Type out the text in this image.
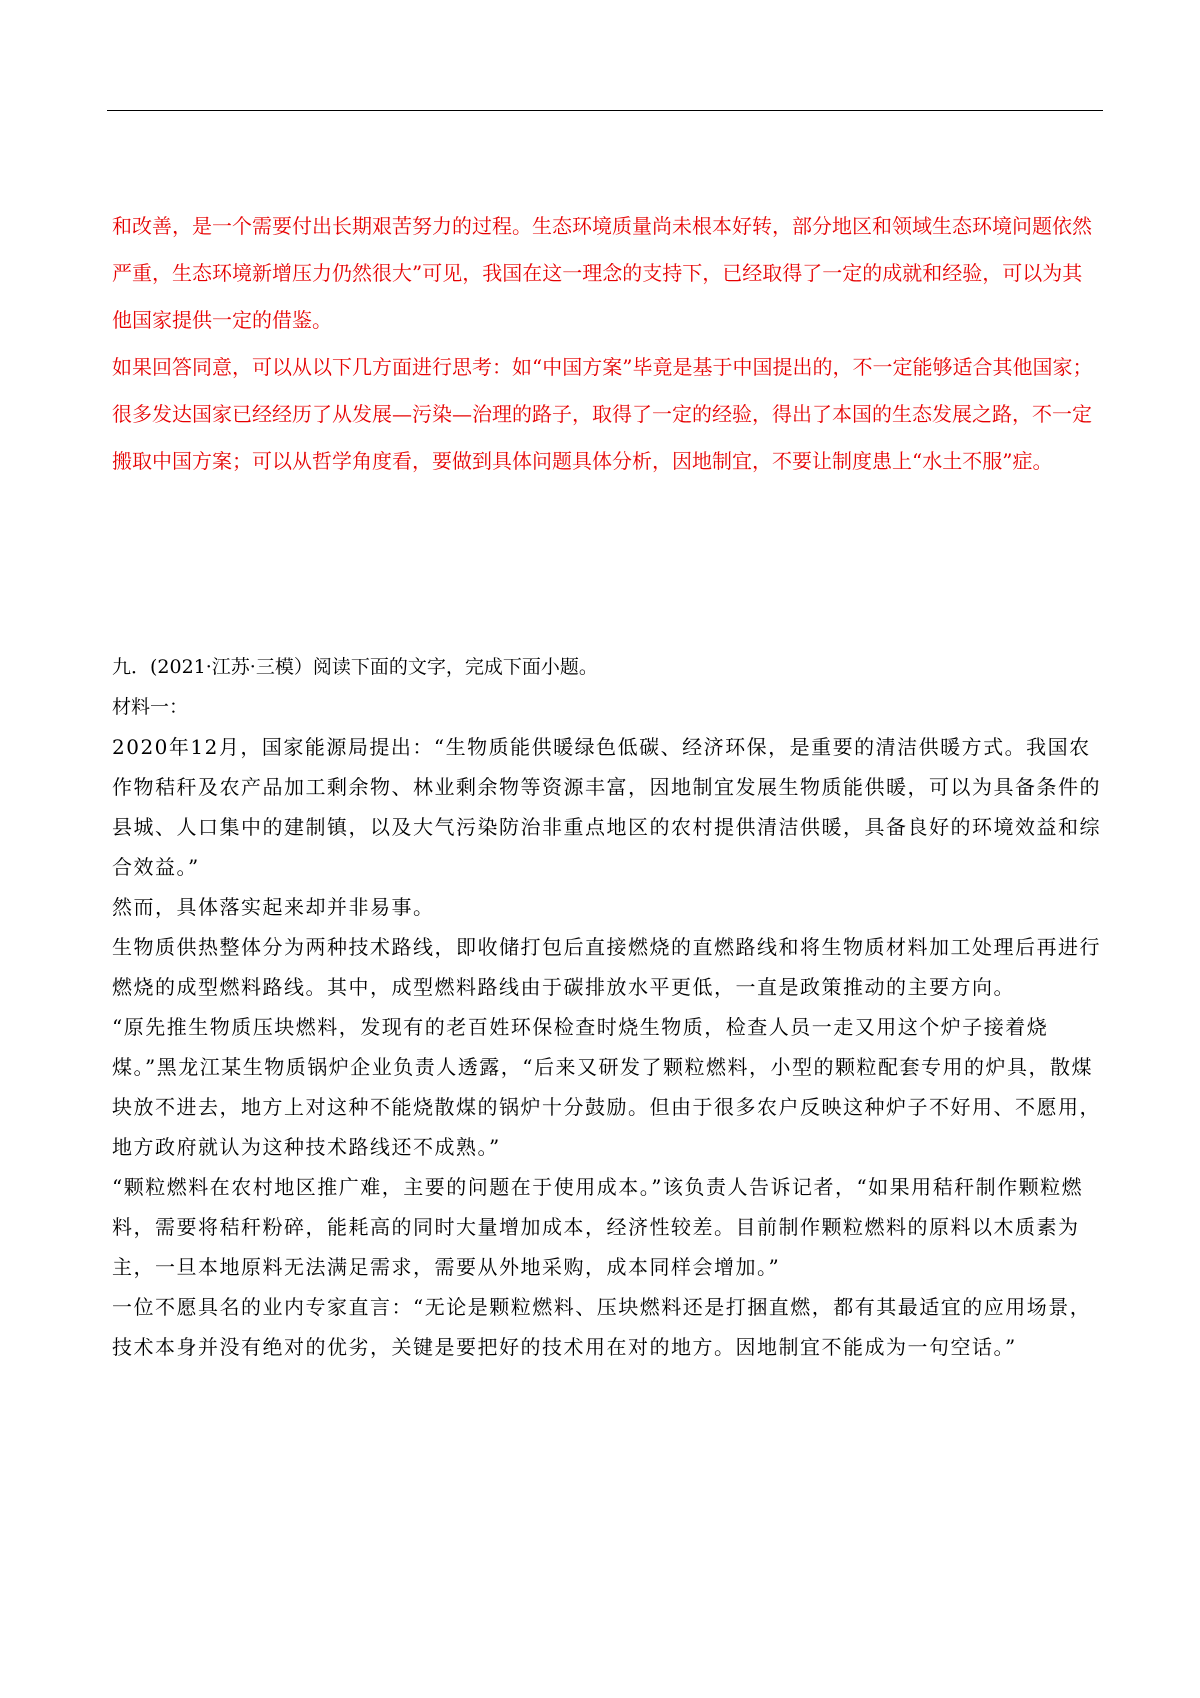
和改善，是一个需要付出长期艰苦努力的过程。生态环境质量尚未根本好转，部分地区和领域生态环境问题依然严重，生态环境新增压力仍然很大”可见，我国在这一理念的支持下，已经取得了一定的成就和经验，可以为其他国家提供一定的借鉴。

如果回答同意，可以从以下几方面进行思考：如“中国方案”毕竟是基于中国提出的，不一定能够适合其他国家；很多发达国家已经经历了从发展—污染—治理的路子，取得了一定的经验，得出了本国的生态发展之路，不一定搬取中国方案；可以从哲学角度看，要做到具体问题具体分析，因地制宜，不要让制度患上“水土不服”症。

九．(2021·江苏·三模）阅读下面的文字，完成下面小题。

材料一：

2020年12月，国家能源局提出：“生物质能供暖绿色低碳、经济环保，是重要的清洁供暖方式。我国农作物秸秆及农产品加工剩余物、林业剩余物等资源丰富，因地制宜发展生物质能供暖，可以为具备条件的县城、人口集中的建制镇，以及大气污染防治非重点地区的农村提供清洁供暖，具备良好的环境效益和综合效益。”

然而，具体落实起来却并非易事。

生物质供热整体分为两种技术路线，即收储打包后直接燃烧的直燃路线和将生物质材料加工处理后再进行燃烧的成型燃料路线。其中，成型燃料路线由于碳排放水平更低，一直是政策推动的主要方向。

“原先推生物质压块燃料，发现有的老百姓环保检查时烧生物质，检查人员一走又用这个炉子接着烧煤。”黑龙江某生物质锅炉企业负责人透露，“后来又研发了颗粒燃料，小型的颗粒配套专用的炉具，散煤块放不进去，地方上对这种不能烧散煤的锅炉十分鼓励。但由于很多农户反映这种炉子不好用、不愿用，地方政府就认为这种技术路线还不成熟。”

“颗粒燃料在农村地区推广难，主要的问题在于使用成本。”该负责人告诉记者，“如果用秸秆制作颗粒燃料，需要将秸秆粉碎，能耗高的同时大量增加成本，经济性较差。目前制作颗粒燃料的原料以木质素为主，一旦本地原料无法满足需求，需要从外地采购，成本同样会增加。”

一位不愿具名的业内专家直言：“无论是颗粒燃料、压块燃料还是打捆直燃，都有其最适宜的应用场景，技术本身并没有绝对的优劣，关键是要把好的技术用在对的地方。因地制宜不能成为一句空话。”
